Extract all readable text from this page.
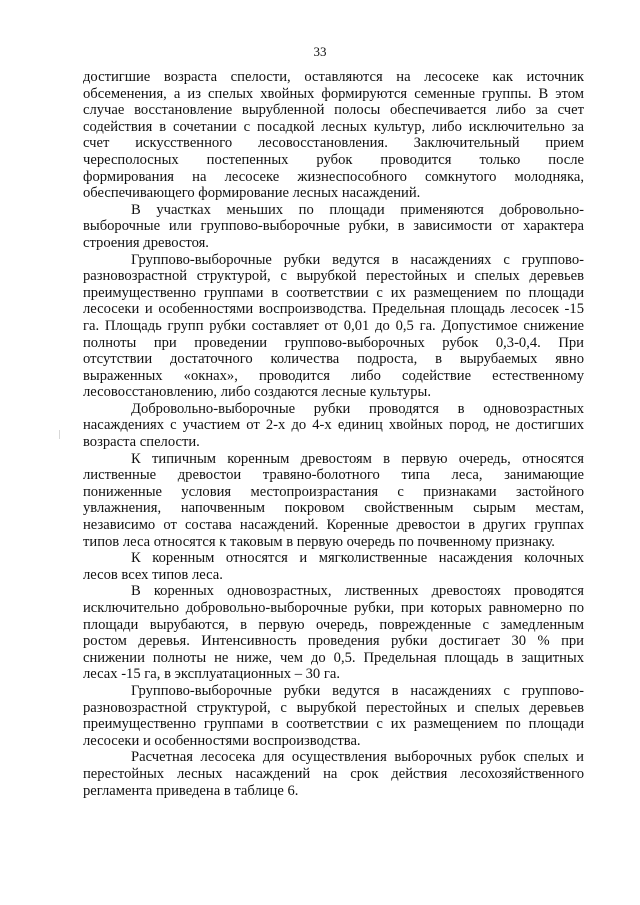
33
достигшие возраста спелости, оставляются на лесосеке как источник
обсеменения, а из спелых хвойных формируются семенные группы. В этом
случае восстановление вырубленной полосы обеспечивается либо за счет
содействия в сочетании с посадкой лесных культур, либо исключительно за
счет искусственного лесовосстановления. Заключительный прием
чересполосных постепенных рубок проводится только после
формирования на лесосеке жизнеспособного сомкнутого молодняка,
обеспечивающего формирование лесных насаждений.
В участках меньших по площади применяются добровольно-
выборочные или группово-выборочные рубки, в зависимости от характера
строения древостоя.
Группово-выборочные рубки ведутся в насаждениях с группово-
разновозрастной структурой, с вырубкой перестойных и спелых деревьев
преимущественно группами в соответствии с их размещением по площади
лесосеки и особенностями воспроизводства. Предельная площадь лесосек -15
га. Площадь групп рубки составляет от 0,01 до 0,5 га. Допустимое снижение
полноты при проведении группово-выборочных рубок 0,3-0,4. При
отсутствии достаточного количества подроста, в вырубаемых явно
выраженных «окнах», проводится либо содействие естественному
лесовосстановлению, либо создаются лесные культуры.
Добровольно-выборочные рубки проводятся в одновозрастных
насаждениях с участием от 2-х до 4-х единиц хвойных пород, не достигших
возраста спелости.
К типичным коренным древостоям в первую очередь, относятся
лиственные древостои травяно-болотного типа леса, занимающие
пониженные условия местопроизрастания с признаками застойного
увлажнения, напочвенным покровом свойственным сырым местам,
независимо от состава насаждений. Коренные древостои в других группах
типов леса относятся к таковым в первую очередь по почвенному признаку.
К коренным относятся и мягколиственные насаждения колочных
лесов всех типов леса.
В коренных одновозрастных, лиственных древостоях проводятся
исключительно добровольно-выборочные рубки, при которых равномерно по
площади вырубаются, в первую очередь, поврежденные с замедленным
ростом деревья. Интенсивность проведения рубки достигает 30 % при
снижении полноты не ниже, чем до 0,5. Предельная площадь в защитных
лесах -15 га, в эксплуатационных – 30 га.
Группово-выборочные рубки ведутся в насаждениях с группово-
разновозрастной структурой, с вырубкой перестойных и спелых деревьев
преимущественно группами в соответствии с их размещением по площади
лесосеки и особенностями воспроизводства.
Расчетная лесосека для осуществления выборочных рубок спелых и
перестойных лесных насаждений на срок действия лесохозяйственного
регламента приведена в таблице 6.
